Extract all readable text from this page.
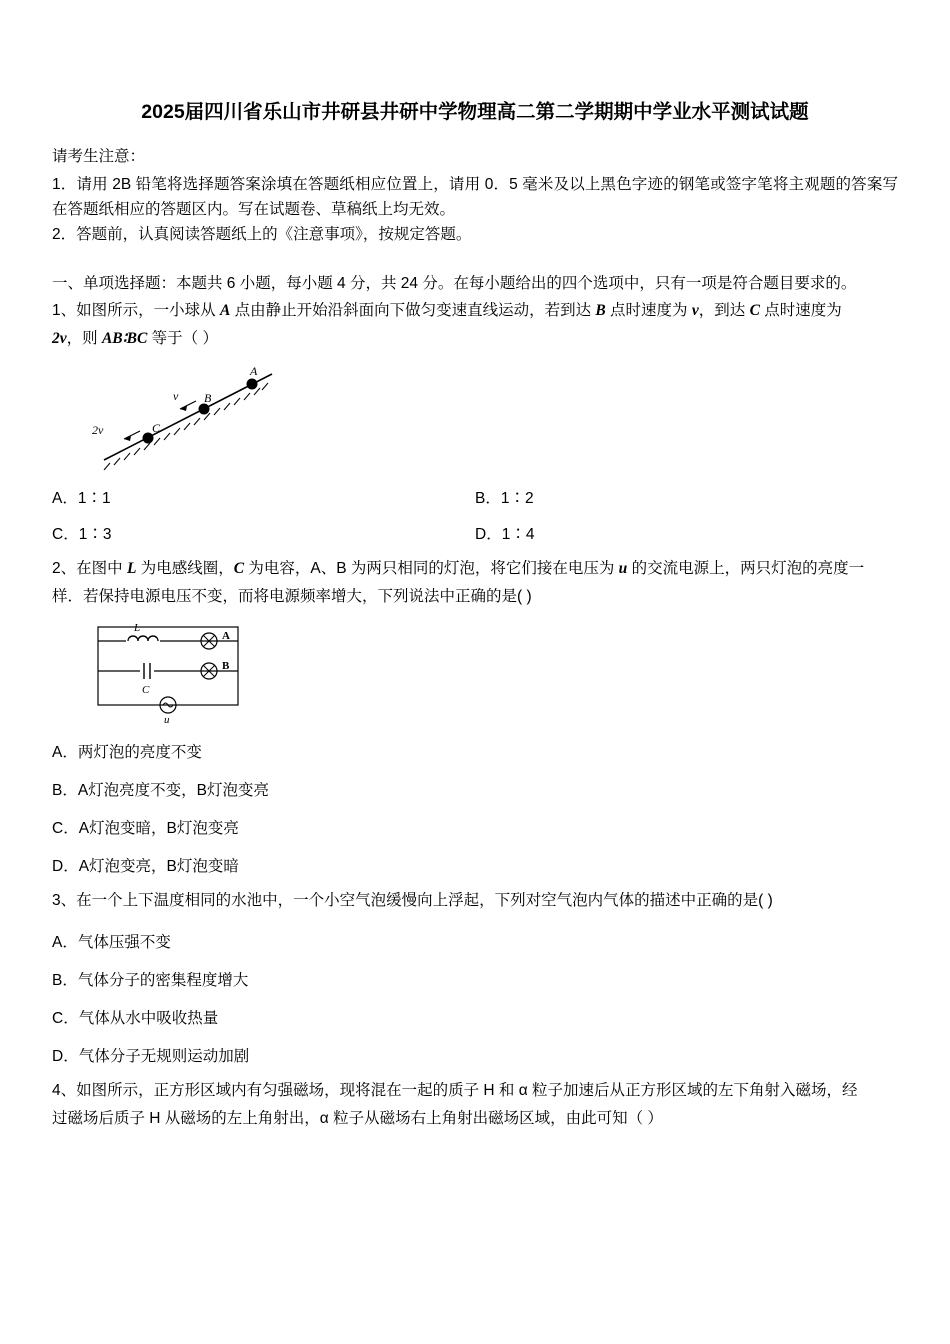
2025届四川省乐山市井研县井研中学物理高二第二学期期中学业水平测试试题
请考生注意：
1．请用 2B 铅笔将选择题答案涂填在答题纸相应位置上，请用 0．5 毫米及以上黑色字迹的钢笔或签字笔将主观题的答案写在答题纸相应的答题区内。写在试题卷、草稿纸上均无效。
2．答题前，认真阅读答题纸上的《注意事项》，按规定答题。
一、单项选择题：本题共 6 小题，每小题 4 分，共 24 分。在每小题给出的四个选项中，只有一项是符合题目要求的。
1、如图所示，一小球从 A 点由静止开始沿斜面向下做匀变速直线运动，若到达 B 点时速度为 v，到达 C 点时速度为
2v，则 AB∶BC 等于（ ）
A
B
C
v
2v
A．1∶1	B．1∶2
C．1∶3	D．1∶4
2、在图中 L 为电感线圈，C 为电容，A、B 为两只相同的灯泡，将它们接在电压为 u 的交流电源上，两只灯泡的亮度一
样．若保持电源电压不变，而将电源频率增大，下列说法中正确的是( )
L
A
C
B
u
A．两灯泡的亮度不变
B．A灯泡亮度不变，B灯泡变亮
C．A灯泡变暗，B灯泡变亮
D．A灯泡变亮，B灯泡变暗
3、在一个上下温度相同的水池中，一个小空气泡缓慢向上浮起，下列对空气泡内气体的描述中正确的是( )
A．气体压强不变
B．气体分子的密集程度增大
C．气体从水中吸收热量
D．气体分子无规则运动加剧
4、如图所示，正方形区域内有匀强磁场，现将混在一起的质子 H 和 α 粒子加速后从正方形区域的左下角射入磁场，经
过磁场后质子 H 从磁场的左上角射出，α 粒子从磁场右上角射出磁场区域，由此可知（ ）
